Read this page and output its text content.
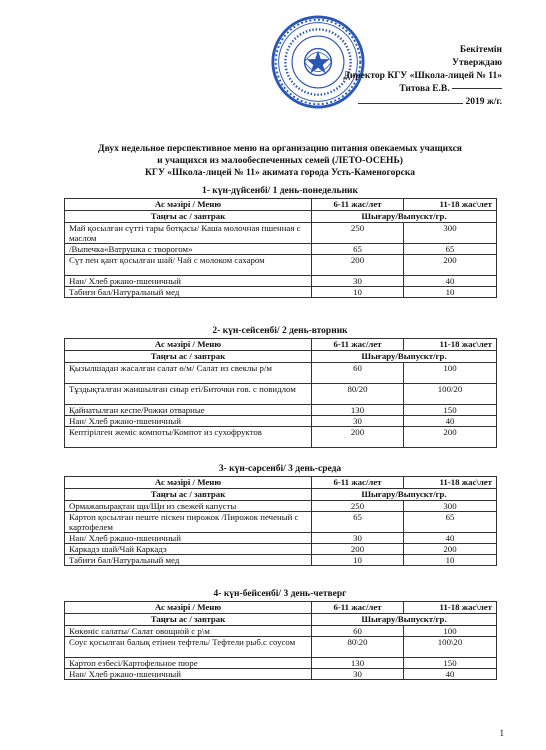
Бекітемін
Утверждаю
Директор КГУ «Школа-лицей № 11»
Титова Е.В.
2019 ж/г.
Двух недельное перспективное меню на организацию питания опекаемых учащихся
и учащихся из малообеспеченных семей (ЛЕТО-ОСЕНЬ)
КГУ «Школа-лицей № 11» акимата города Усть-Каменогорска
1- күн-дүйсенбі/ 1 день-понедельник
Ас мәзірі / Меню	6-11 жас/лет	11-18 жас\лет
Таңғы ас / завтрак	Шығару/Выпускт/гр.	
Май қосылған сүтті тары ботқасы/ Каша молочная пшенная с маслом	250	300
/Выпечка«Ватрушка с творогом»	65	65
Сүт пен қант қосылған шай/ Чай с молоком сахаром	200	200
Нан/ Хлеб ржано-пшеничный	30	40
Табиғи бал/Натуральный мед	10	10
2- күн-сейсенбі/ 2 день-вторник
Ас мәзірі / Меню	6-11 жас/лет	11-18 жас\лет
Таңғы ас / завтрак	Шығару/Выпускт/гр.	
Қызылшадан жасалған салат ө/м/ Салат из свеклы р/м	60	100
Тұздықталған жаншылған сиыр еті/Биточки гов. с повидлом	80/20	100/20
Қайнатылған кеспе/Рожки отварные	130	150
Нан/ Хлеб ржано-пшеничный	30	40
Кептірілген жеміс компоты/Компот из сухофруктов	200	200
3- күн-сәрсенбі/ 3 день-среда
Ас мәзірі / Меню	6-11 жас/лет	11-18 жас\лет
Таңғы ас / завтрак	Шығару/Выпускт/гр.	
Ормажапырақтан щи/Щи из свежей капусты	250	300
Картоп қосылған пеште піскен пирожок /Пирожок печеный с картофелем	65	65
Нан/ Хлеб ржано-пшеничный	30	40
Каркадэ шай/Чай Каркадэ	200	200
Табиғи бал/Натуральный мед	10	10
4- күн-бейсенбі/ 3 день-четверг
Ас мәзірі / Меню	6-11 жас/лет	11-18 жас\лет
Таңғы ас / завтрак	Шығару/Выпускт/гр.	
Көкөніс салаты/ Салат овощной с р\м	60	100
Соус қосылған балық етінен тефтель/ Тефтели рыб.с соусом	80\20	100\20
Картоп езбесі/Картофельное пюре	130	150
Нан/ Хлеб ржано-пшеничный	30	40
1
